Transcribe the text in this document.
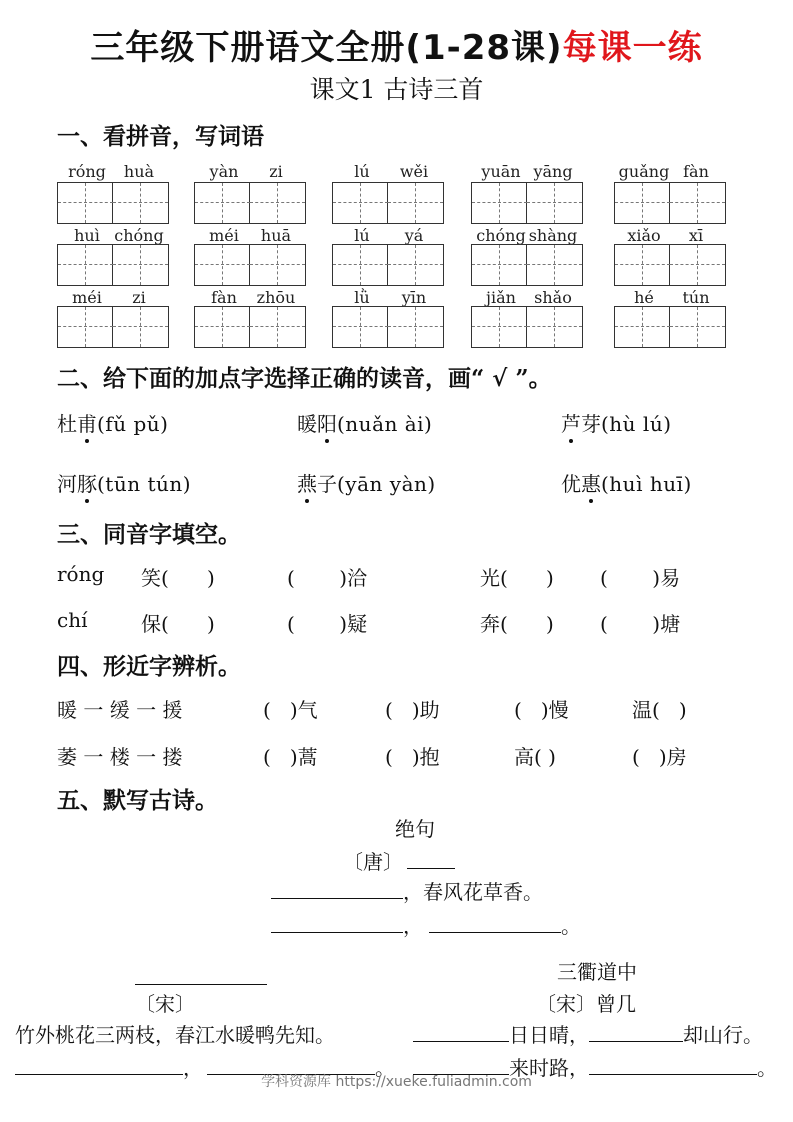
三年级下册语文全册(1-28课)每课一练
课文1 古诗三首
一、看拼音，写词语
róng huà	yàn zi	lú wěi	yuān yāng	guǎng fàn
huì chóng	méi huā	lú yá	chóng shàng	xiǎo xī
méi zi	fàn zhōu	lǜ yīn	jiǎn shǎo	hé tún
二、给下面的加点字选择正确的读音，画“ √ ”。
杜甫(fǔ pǔ)	暖阳(nuǎn ài)	芦芽(hù lú)
河豚(tūn tún)	燕子(yān yàn)	优惠(huì huī)
三、同音字填空。
róng 笑(      )	(       )洽	光(      ) (       )易
chí	保(      )	(       )疑	奔(      ) (       )塘
四、形近字辨析。
暖 一 缓 一 援	(   )气	(   )助	(   )慢	温(   )
萎 一 楼 一 搂	(   )蒿	(   )抱	高( )	(   )房
五、默写古诗。
绝句
〔唐〕
，春风花草香。
，	。
〔宋〕
竹外桃花三两枝，春江水暖鸭先知。
，	。
三衢道中
〔宋〕曾几
日日晴，	却山行。
来时路，	。
学科资源库 https://xueke.fuliadmin.com
